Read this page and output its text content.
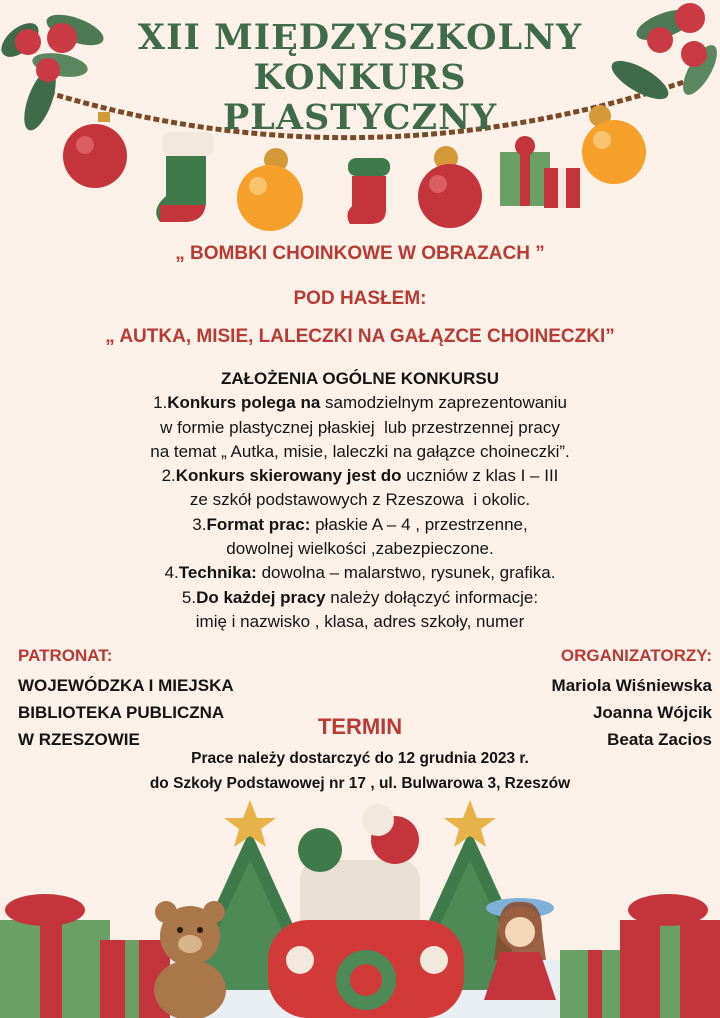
XII MIĘDZYSZKOLNY
KONKURS
PLASTYCZNY
„ BOMBKI CHOINKOWE W OBRAZACH ”
POD HASŁEM:
„ AUTKA, MISIE, LALECZKI NA GAŁĄZCE CHOINECZKI”
ZAŁOŻENIA OGÓLNE KONKURSU
1.Konkurs polega na samodzielnym zaprezentowaniu
w formie plastycznej płaskiej  lub przestrzennej pracy
na temat „ Autka, misie, laleczki na gałązce choineczki”.
2.Konkurs skierowany jest do uczniów z klas I – III
ze szkół podstawowych z Rzeszowa  i okolic.
3.Format prac: płaskie A – 4 , przestrzenne,
dowolnej wielkości ,zabezpieczone.
4.Technika: dowolna – malarstwo, rysunek, grafika.
5.Do każdej pracy należy dołączyć informacje:
imię i nazwisko , klasa, adres szkoły, numer
PATRONAT:
WOJEWÓDZKA I MIEJSKA
BIBLIOTEKA PUBLICZNA
W RZESZOWIE
ORGANIZATORZY:
Mariola Wiśniewska
Joanna Wójcik
Beata Zacios
TERMIN
Prace należy dostarczyć do 12 grudnia 2023 r.
do Szkoły Podstawowej nr 17 , ul. Bulwarowa 3, Rzeszów
